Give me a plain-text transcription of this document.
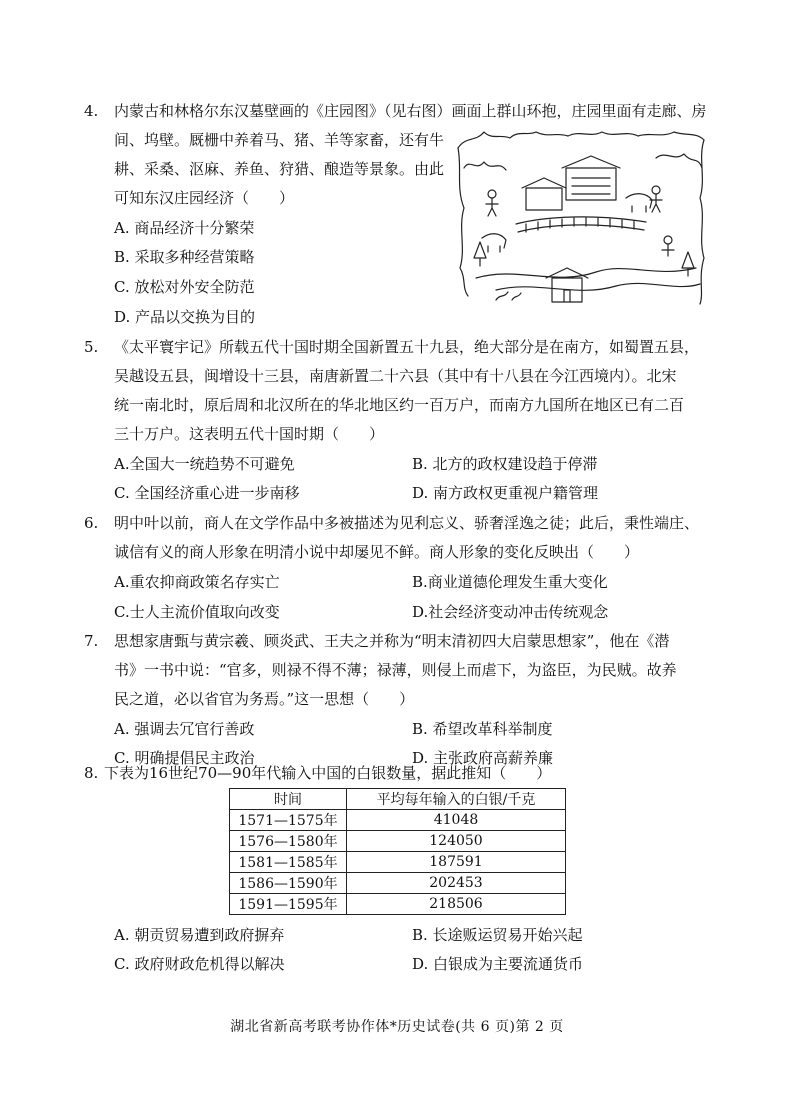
4. 内蒙古和林格尔东汉墓壁画的《庄园图》（见右图）画面上群山环抱，庄园里面有走廊、房
间、坞壁。厩栅中养着马、猪、羊等家畜，还有牛
耕、采桑、沤麻、养鱼、狩猎、酿造等景象。由此
可知东汉庄园经济（　　）
A. 商品经济十分繁荣
B. 采取多种经营策略
C. 放松对外安全防范
D. 产品以交换为目的
5. 《太平寰宇记》所载五代十国时期全国新置五十九县，绝大部分是在南方，如蜀置五县，
吴越设五县，闽增设十三县，南唐新置二十六县（其中有十八县在今江西境内）。北宋
统一南北时，原后周和北汉所在的华北地区约一百万户，而南方九国所在地区已有二百
三十万户。这表明五代十国时期（　　）
A.全国大一统趋势不可避免	B. 北方的政权建设趋于停滞
C. 全国经济重心进一步南移	D. 南方政权更重视户籍管理
6. 明中叶以前，商人在文学作品中多被描述为见利忘义、骄奢淫逸之徒；此后，秉性端庄、
诚信有义的商人形象在明清小说中却屡见不鲜。商人形象的变化反映出（　　）
A.重农抑商政策名存实亡	B.商业道德伦理发生重大变化
C.士人主流价值取向改变	D.社会经济变动冲击传统观念
7. 思想家唐甄与黄宗羲、顾炎武、王夫之并称为“明末清初四大启蒙思想家”，他在《潜
书》一书中说：“官多，则禄不得不薄；禄薄，则侵上而虐下，为盗臣，为民贼。故养
民之道，必以省官为务焉。”这一思想（　　）
A. 强调去冗官行善政	B. 希望改革科举制度
C. 明确提倡民主政治	D. 主张政府高薪养廉
8. 下表为16世纪70—90年代输入中国的白银数量，据此推知（　　）
时间	平均每年输入的白银/千克
1571—1575年	41048
1576—1580年	124050
1581—1585年	187591
1586—1590年	202453
1591—1595年	218506
A. 朝贡贸易遭到政府摒弃	B. 长途贩运贸易开始兴起
C. 政府财政危机得以解决	D. 白银成为主要流通货币
湖北省新高考联考协作体*历史试卷(共 6 页)第 2 页
